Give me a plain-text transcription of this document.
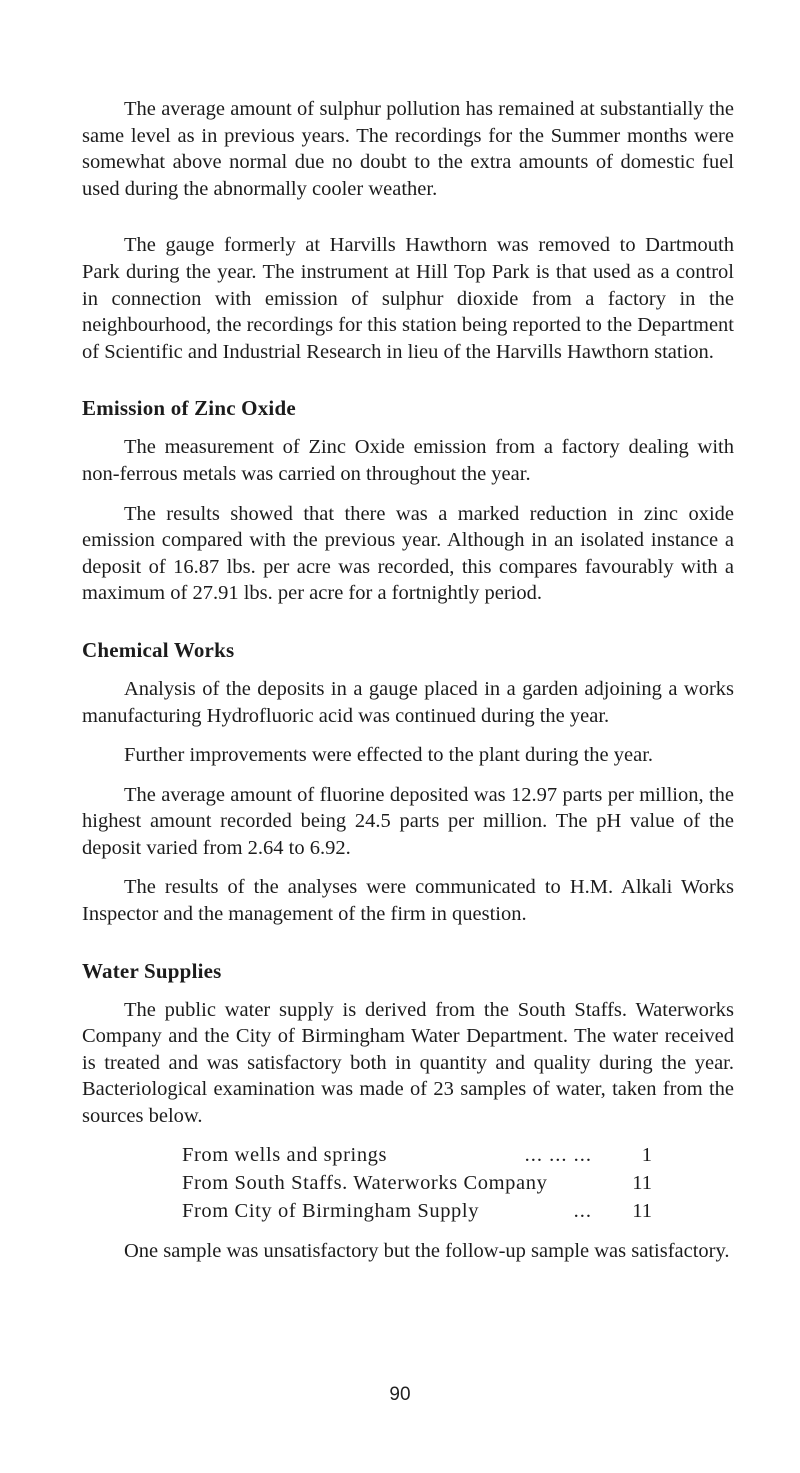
The average amount of sulphur pollution has remained at substantially the same level as in previous years. The recordings for the Summer months were somewhat above normal due no doubt to the extra amounts of domestic fuel used during the abnormally cooler weather.

The gauge formerly at Harvills Hawthorn was removed to Dartmouth Park during the year. The instrument at Hill Top Park is that used as a control in connection with emission of sulphur dioxide from a factory in the neighbourhood, the recordings for this station being reported to the Department of Scientific and Industrial Research in lieu of the Harvills Hawthorn station.

Emission of Zinc Oxide

The measurement of Zinc Oxide emission from a factory dealing with non-ferrous metals was carried on throughout the year.

The results showed that there was a marked reduction in zinc oxide emission compared with the previous year. Although in an isolated instance a deposit of 16.87 lbs. per acre was recorded, this compares favourably with a maximum of 27.91 lbs. per acre for a fortnightly period.

Chemical Works

Analysis of the deposits in a gauge placed in a garden adjoining a works manufacturing Hydrofluoric acid was continued during the year.

Further improvements were effected to the plant during the year.

The average amount of fluorine deposited was 12.97 parts per million, the highest amount recorded being 24.5 parts per million. The pH value of the deposit varied from 2.64 to 6.92.

The results of the analyses were communicated to H.M. Alkali Works Inspector and the management of the firm in question.

Water Supplies

The public water supply is derived from the South Staffs. Waterworks Company and the City of Birmingham Water Department. The water received is treated and was satisfactory both in quantity and quality during the year. Bacteriological examination was made of 23 samples of water, taken from the sources below.

From wells and springs	... ... ...	1
From South Staffs. Waterworks Company	11
From City of Birmingham Supply	...	11

One sample was unsatisfactory but the follow-up sample was satisfactory.

90
